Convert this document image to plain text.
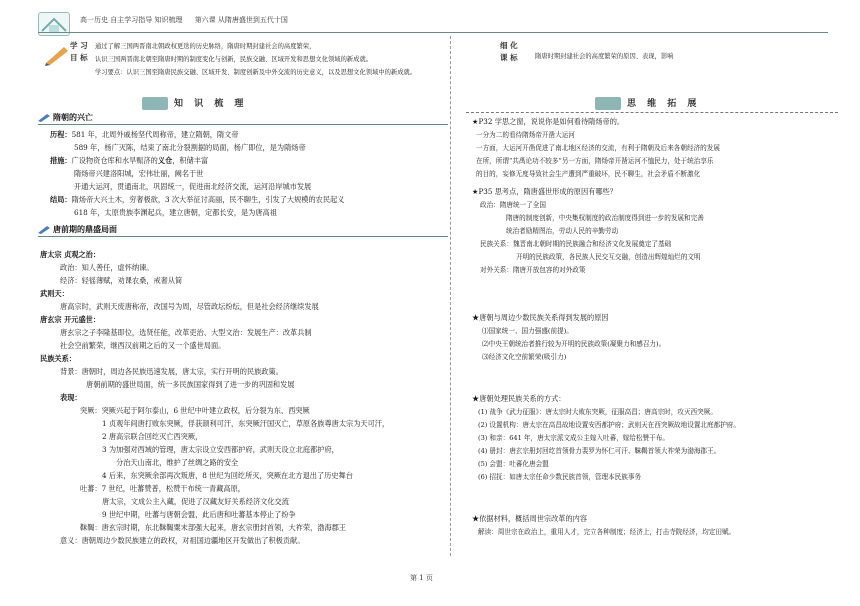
高一历史 自主学习指导 知识梳理 第六课 从隋唐盛世到五代十国
学 习
目 标
通过了解三国两晋南北朝政权更迭的历史脉络，隋唐时期封建社会的高度繁荣，
认识三国两晋南北朝至隋唐时期的制度变化与创新，民族交融、区域开发和思想文化领域的新成就。
学习要点：认识三国至隋唐民族交融、区域开发、制度创新及中外交流的历史意义，以及思想文化领域中的新成就。
细 化
课 标	隋唐时期封建社会的高度繁荣的原因、表现，影响
知 识 梳 理	思 维 拓 展
隋朝的兴亡
历程：581 年，北周外戚杨坚代周称帝，建立隋朝，隋文帝
589 年，杨广灭陈，结束了南北分裂割据的局面，杨广即位，是为隋炀帝
措施：广设物资仓库和水旱赈济的义仓，积储丰富
隋炀帝兴建洛阳城，宏伟壮丽，阙名于世
开通大运河，贯通南北，巩固统一，促进南北经济交流，运河沿岸城市发展
结局：隋炀帝大兴土木，穷奢极欲，3 次大举征讨高丽，民不聊生，引发了大规模的农民起义
618 年，太原贵族李渊起兵，建立唐朝，定都长安，是为唐高祖
唐前期的鼎盛局面
唐太宗 贞观之治：
政治：知人善任，虚怀纳谏。
经济：轻徭薄赋，劝课农桑，戒奢从简
武则天：
唐高宗时，武则天废唐称帝，改国号为周，尽管政坛纷纭，但是社会经济继续发展
唐玄宗 开元盛世：
唐玄宗之子李隆基即位，选贤任能，改革吏治、大型文治：发展生产：改革兵制
社会空前繁荣，继西汉前期之后的又一个盛世局面。
民族关系：
背景：唐朝时，周边各民族迅速发展，唐太宗，实行开明的民族政策。
唐朝前期的盛世局面，统一多民族国家得到了进一步的巩固和发展
表现：
突厥：突厥兴起于阿尔泰山，6 世纪中叶建立政权，后分裂为东、西突厥
1 贞观年间唐打败东突厥，俘获颉利可汗，东突厥汗国灭亡，草原各族尊唐太宗为天可汗，
2 唐高宗联合回纥灭亡西突厥，
3 为加强对西域的管理，唐太宗设立安西都护府，武则天设立北庭都护府，
分治天山南北，维护了丝绸之路的安全
4 后来，东突厥余部再次叛唐，8 世纪为回纥所灭，突厥在北方退出了历史舞台
吐蕃：7 世纪，吐蕃赞普，松赞干布统一青藏高原，
唐太宗，文成公主入藏，促进了汉藏友好关系经济文化交流
9 世纪中期，吐蕃与唐朝会盟，此后唐和吐蕃基本停止了纷争
靺鞨：唐玄宗时期，东北靺鞨粟末部强大起来，唐玄宗册封首领，大祚荣，渤海郡王
意义：唐朝周边少数民族建立的政权，对祖国边疆地区开发做出了积极贡献。
★P32 学思之窗，说说你是如何看待隋炀帝的。
一分为二的看待隋炀帝开凿大运河
一方面，大运河开凿促进了南北地区经济的交流，有利于隋朝及后来各朝经济的发展
在所，所谓“共禹论功不较多”另一方面，隋炀帝开凿运河不恤民力，处于统治享乐
的目的，妄修无度导致社会生产遭到严重破坏，民不聊生，社会矛盾不断激化
★P35 思考点，隋唐盛世形成的原因有哪些？
政治：隋唐统一了全国
隋唐的制度创新，中央集权制度的政治制度得到进一步的发展和完善
统治者励精图治，劳动人民的辛勤劳动
民族关系：魏晋南北朝时期的民族融合和经济文化发展奠定了基础
开明的民族政策，各民族人民交互交融，创造出辉煌灿烂的文明
对外关系：隋唐开放包容的对外政策
★唐朝与周边少数民族关系得到发展的原因
⑴国家统一、国力强盛(前提)。
⑵中央王朝统治者推行较为开明的民族政策(凝聚力和感召力)。
⑶经济文化空前繁荣(吸引力)
★唐朝处理民族关系的方式：
(1) 战争《武力征服》：唐太宗时大败东突厥，征服高昌；唐高宗时，攻灭西突厥。
(2) 设置机构：唐太宗在高昌故地设置安西都护府；武则天在西突厥故地设置北庭都护府。
(3) 和亲：641 年，唐太宗派文成公主嫁入吐蕃，嫁给松赞干布。
(4) 册封：唐玄宗册封回纥首领骨力裴罗为怀仁可汗、靺鞨首领大祚荣为渤海郡王。
(5) 会盟：吐蕃化唐会盟
(6) 招抚：如唐太宗任命少数民族首领，管理本民族事务
★依据材料，概括周世宗改革的内容
解读：周世宗在政治上，重用人才，完立各种制度；经济上，打击寺院经济，均定田赋。
第 1 页
